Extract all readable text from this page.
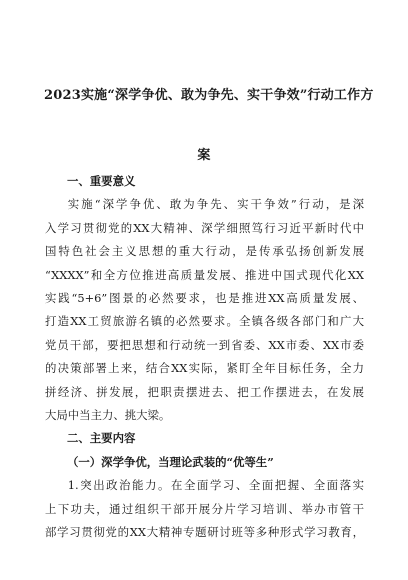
2023实施“深学争优、敢为争先、实干争效”行动工作方
案

一、重要意义

实施“深学争优、敢为争先、实干争效”行动，是深
入学习贯彻党的XX大精神、深学细照笃行习近平新时代中
国特色社会主义思想的重大行动，是传承弘扬创新发展
“XXXX”和全方位推进高质量发展、推进中国式现代化XX
实践“5+6”图景的必然要求，也是推进XX高质量发展、
打造XX工贸旅游名镇的必然要求。全镇各级各部门和广大
党员干部，要把思想和行动统一到省委、XX市委、XX市委
的决策部署上来，结合XX实际，紧盯全年目标任务，全力
拼经济、拼发展，把职责摆进去、把工作摆进去，在发展
大局中当主力、挑大梁。

二、主要内容

（一）深学争优，当理论武装的“优等生”

1.突出政治能力。在全面学习、全面把握、全面落实
上下功夫，通过组织干部开展分片学习培训、举办市管干
部学习贯彻党的XX大精神专题研讨班等多种形式学习教育，
